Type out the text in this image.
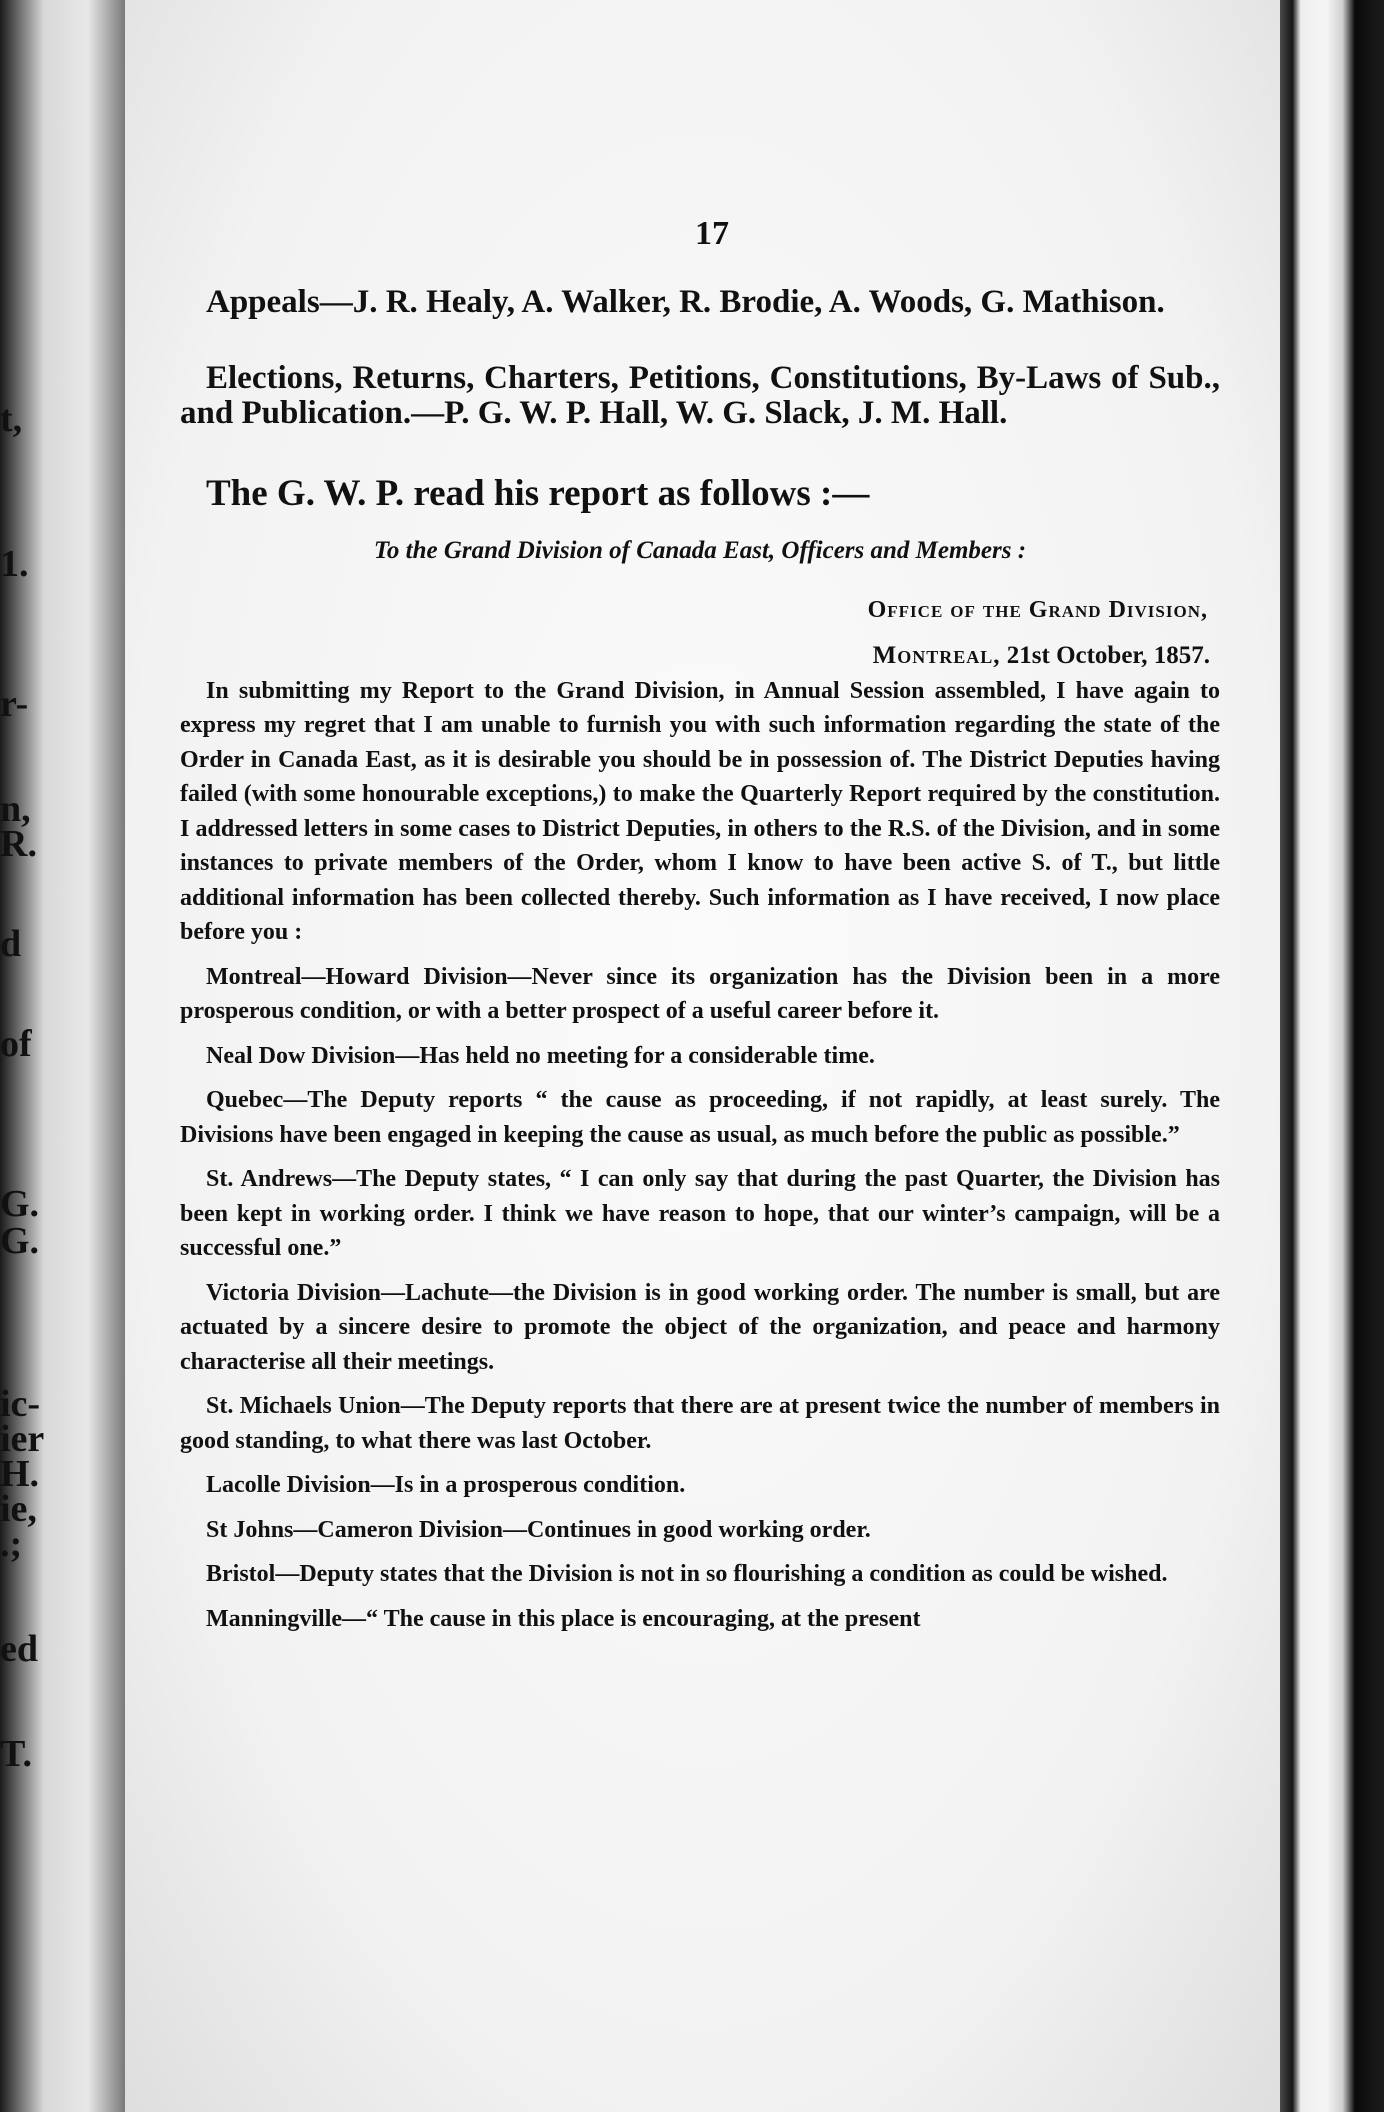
t,
1.
r-
n,
R.
d
of
G.
G.
ic-
ier
H.
ie,
.;
ed
T.
17

Appeals—J. R. Healy, A. Walker, R. Brodie, A. Woods, G. Mathison.

Elections, Returns, Charters, Petitions, Constitutions, By-Laws of Sub., and Publication.—P. G. W. P. Hall, W. G. Slack, J. M. Hall.

The G. W. P. read his report as follows :—
To the Grand Division of Canada East, Officers and Members :
Office of the Grand Division,
Montreal, 21st October, 1857.

In submitting my Report to the Grand Division, in Annual Session assembled, I have again to express my regret that I am unable to furnish you with such information regarding the state of the Order in Canada East, as it is desirable you should be in possession of. The District Deputies having failed (with some honourable exceptions,) to make the Quarterly Report required by the constitution. I addressed letters in some cases to District Deputies, in others to the R.S. of the Division, and in some instances to private members of the Order, whom I know to have been active S. of T., but little additional information has been collected thereby. Such information as I have received, I now place before you :

Montreal—Howard Division—Never since its organization has the Division been in a more prosperous condition, or with a better prospect of a useful career before it.

Neal Dow Division—Has held no meeting for a considerable time.

Quebec—The Deputy reports “ the cause as proceeding, if not rapidly, at least surely. The Divisions have been engaged in keeping the cause as usual, as much before the public as possible.”

St. Andrews—The Deputy states, “ I can only say that during the past Quarter, the Division has been kept in working order. I think we have reason to hope, that our winter’s campaign, will be a successful one.”

Victoria Division—Lachute—the Division is in good working order. The number is small, but are actuated by a sincere desire to promote the object of the organization, and peace and harmony characterise all their meetings.

St. Michaels Union—The Deputy reports that there are at present twice the number of members in good standing, to what there was last October.

Lacolle Division—Is in a prosperous condition.

St Johns—Cameron Division—Continues in good working order.

Bristol—Deputy states that the Division is not in so flourishing a condition as could be wished.

Manningville—“ The cause in this place is encouraging, at the present
